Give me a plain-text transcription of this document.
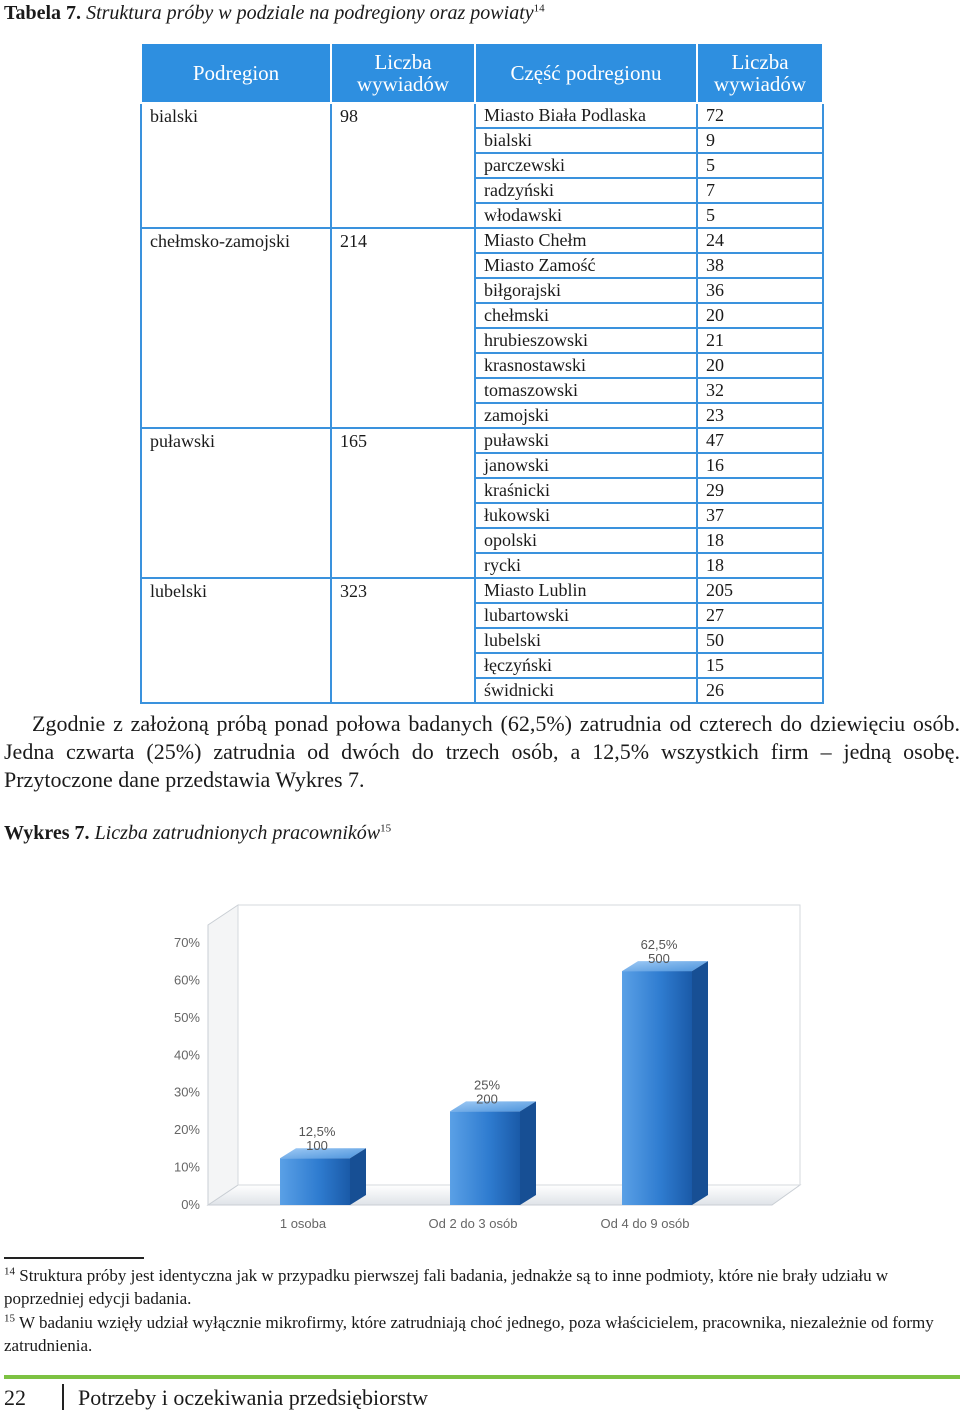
Tabela 7. Struktura próby w podziale na podregiony oraz powiaty$^{14}$
Podregion	Liczba wywiadów	Część podregionu	Liczba wywiadów
bialski	98	Miasto Biała Podlaska	72
		bialski	9
		parczewski	5
		radzyński	7
		włodawski	5
chełmsko-zamojski	214	Miasto Chełm	24
		Miasto Zamość	38
		biłgorajski	36
		chełmski	20
		hrubieszowski	21
		krasnostawski	20
		tomaszowski	32
		zamojski	23
puławski	165	puławski	47
		janowski	16
		kraśnicki	29
		łukowski	37
		opolski	18
		rycki	18
lubelski	323	Miasto Lublin	205
		lubartowski	27
		lubelski	50
		łęczyński	15
		świdnicki	26
Zgodnie z założoną próbą ponad połowa badanych (62,5%) zatrudnia od czterech do dziewięciu osób. Jedna czwarta (25%) zatrudnia od dwóch do trzech osób, a 12,5% wszystkich firm – jedną osobę. Przytoczone dane przedstawia Wykres 7.
Wykres 7. Liczba zatrudnionych pracowników$^{15}$
0%
10%
20%
30%
40%
50%
60%
70%
12,5%
100
25%
200
62,5%
500
1 osoba	Od 2 do 3 osób	Od 4 do 9 osób
$^{14}$ Struktura próby jest identyczna jak w przypadku pierwszej fali badania, jednakże są to inne podmioty, które nie brały udziału w poprzedniej edycji badania.
$^{15}$ W badaniu wzięły udział wyłącznie mikrofirmy, które zatrudniają choć jednego, poza właścicielem, pracownika, niezależnie od formy zatrudnienia.
22 Potrzeby i oczekiwania przedsiębiorstw
